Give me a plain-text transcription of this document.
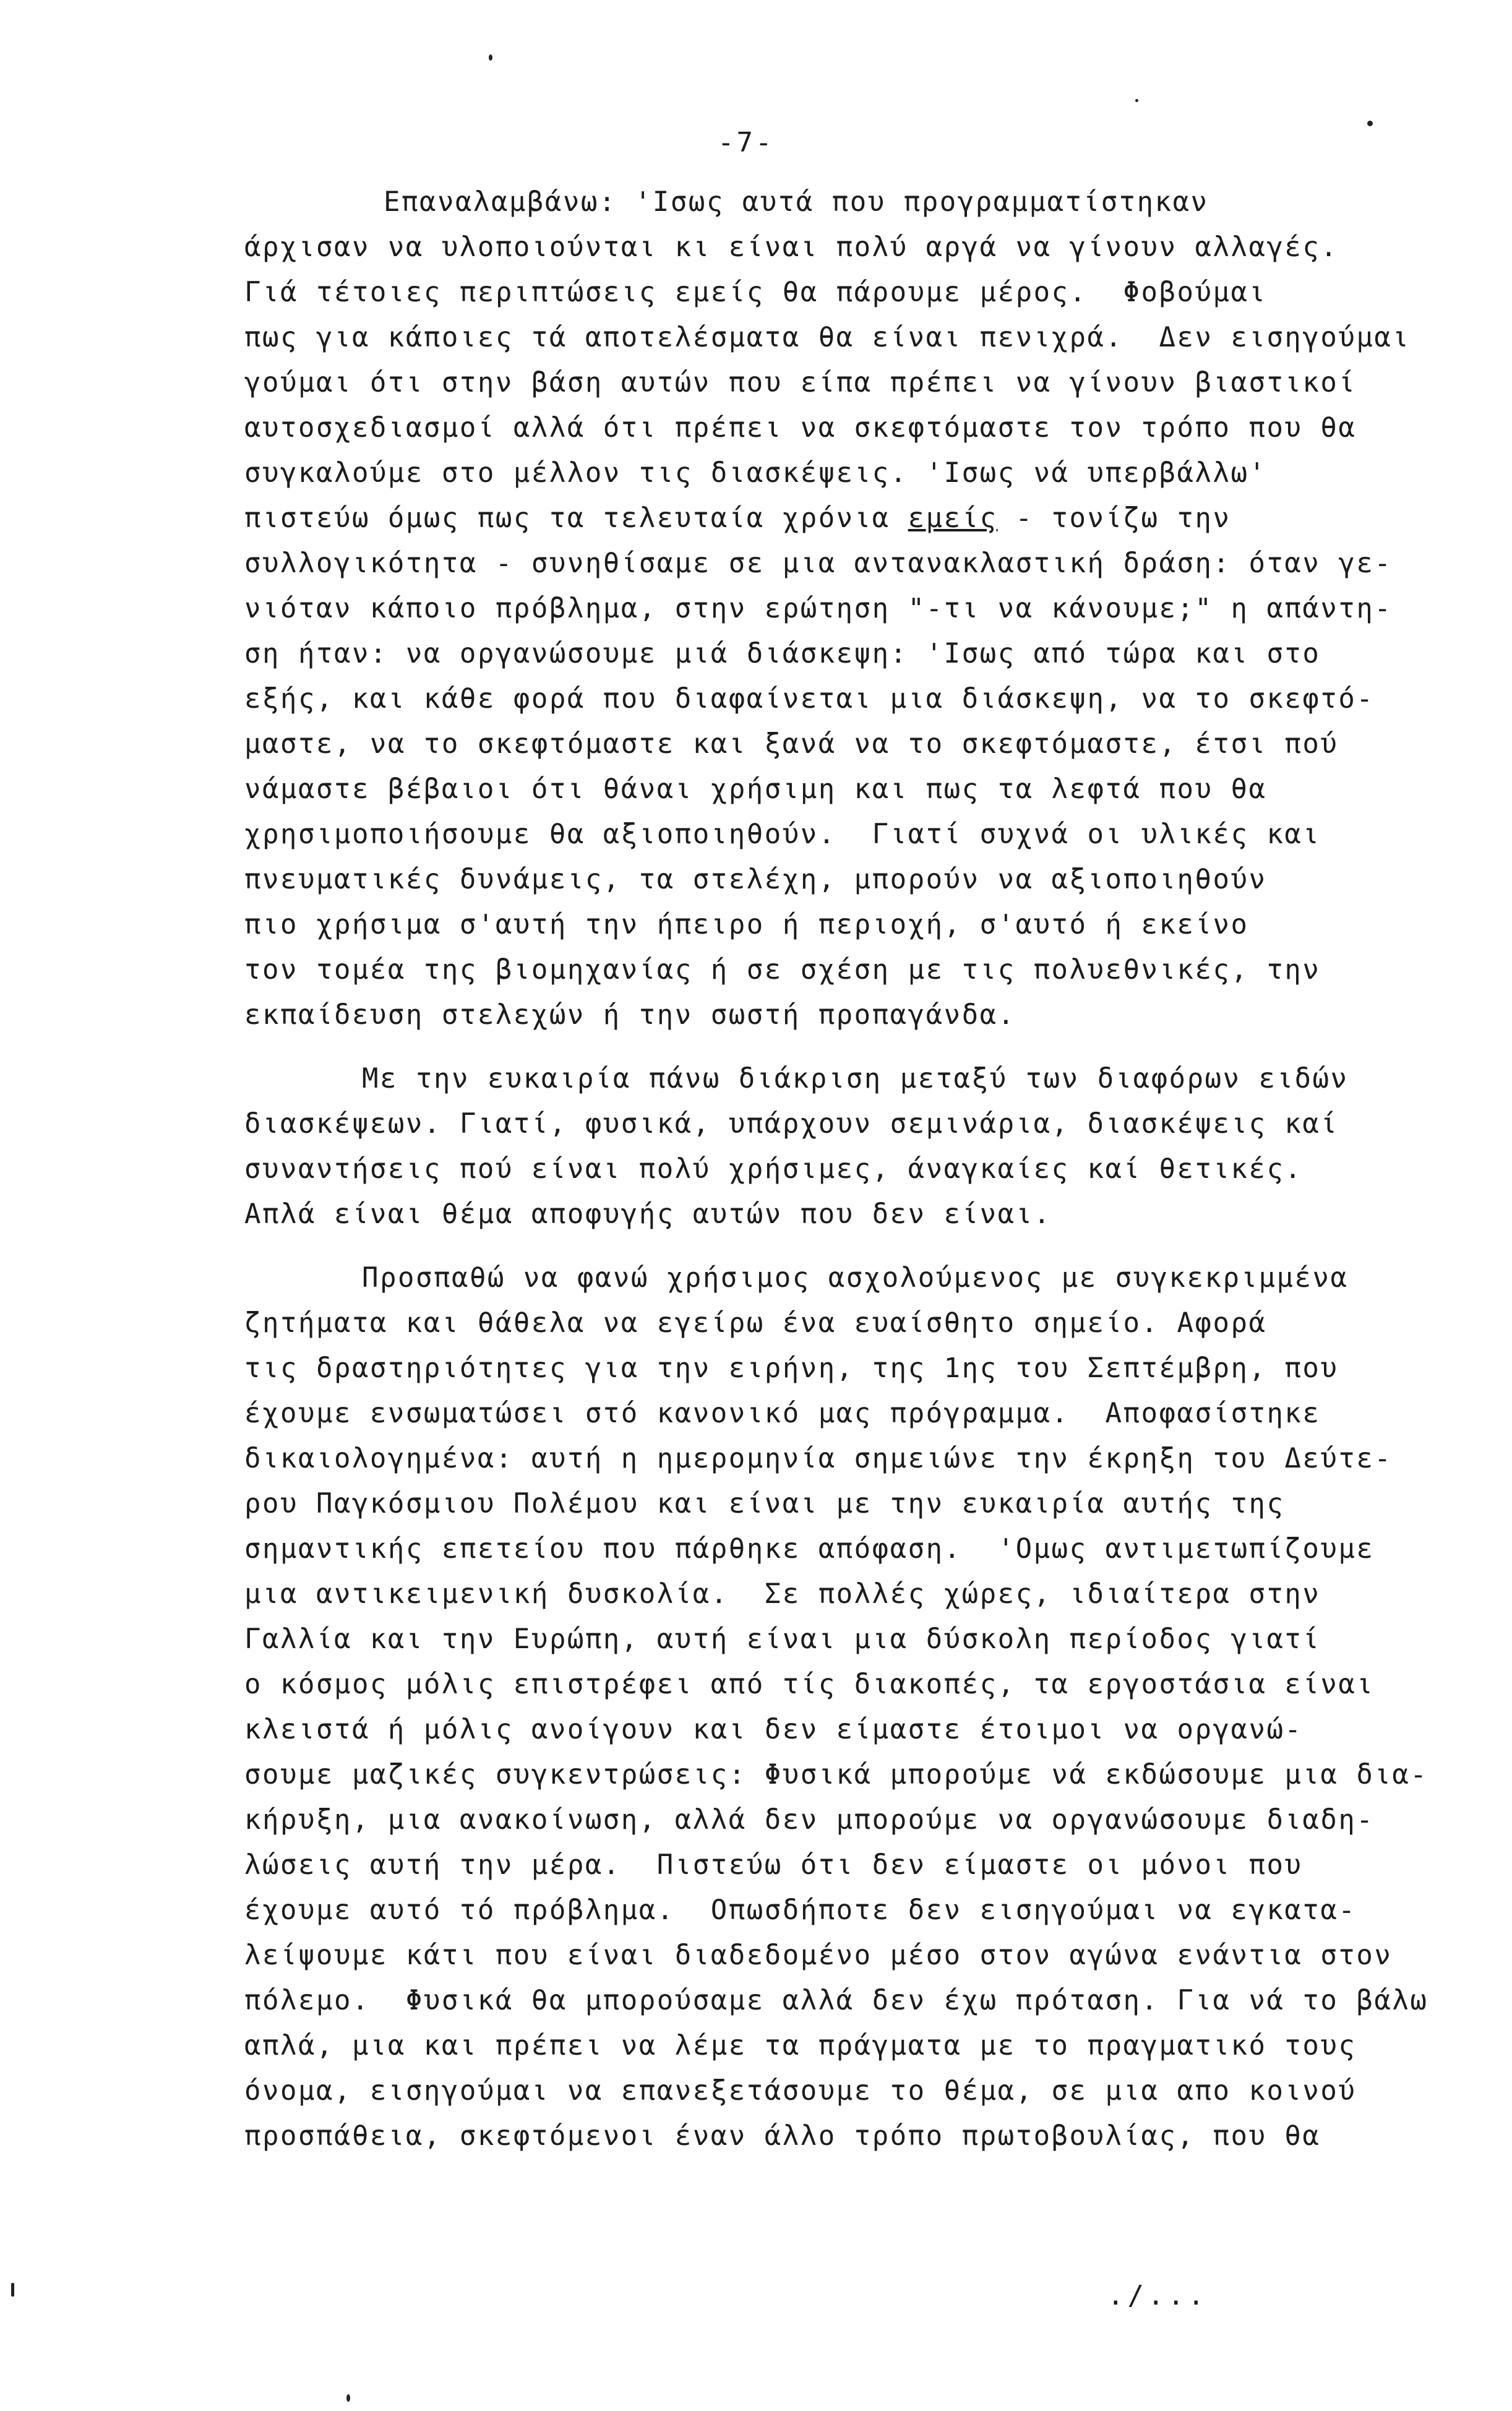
-7-
Επαναλαμβάνω: 'Ισως αυτά που προγραμματίστηκαν
άρχισαν να υλοποιούνται κι είναι πολύ αργά να γίνουν αλλαγές.
Γιά τέτοιες περιπτώσεις εμείς θα πάρουμε μέρος.  Φοβούμαι
πως για κάποιες τά αποτελέσματα θα είναι πενιχρά.  Δεν εισηγούμαι
γούμαι ότι στην βάση αυτών που είπα πρέπει να γίνουν βιαστικοί
αυτοσχεδιασμοί αλλά ότι πρέπει να σκεφτόμαστε τον τρόπο που θα
συγκαλούμε στο μέλλον τις διασκέψεις. 'Ισως νά υπερβάλλω'
πιστεύω όμως πως τα τελευταία χρόνια εμείς - τονίζω την
συλλογικότητα - συνηθίσαμε σε μια αντανακλαστική δράση: όταν γε-
νιόταν κάποιο πρόβλημα, στην ερώτηση "-τι να κάνουμε;" η απάντη-
ση ήταν: να οργανώσουμε μιά διάσκεψη: 'Ισως από τώρα και στο
εξής, και κάθε φορά που διαφαίνεται μια διάσκεψη, να το σκεφτό-
μαστε, να το σκεφτόμαστε και ξανά να το σκεφτόμαστε, έτσι πού
νάμαστε βέβαιοι ότι θάναι χρήσιμη και πως τα λεφτά που θα
χρησιμοποιήσουμε θα αξιοποιηθούν.  Γιατί συχνά οι υλικές και
πνευματικές δυνάμεις, τα στελέχη, μπορούν να αξιοποιηθούν
πιο χρήσιμα σ'αυτή την ήπειρο ή περιοχή, σ'αυτό ή εκείνο
τον τομέα της βιομηχανίας ή σε σχέση με τις πολυεθνικές, την
εκπαίδευση στελεχών ή την σωστή προπαγάνδα.
Με την ευκαιρία πάνω διάκριση μεταξύ των διαφόρων ειδών
διασκέψεων. Γιατί, φυσικά, υπάρχουν σεμινάρια, διασκέψεις καί
συναντήσεις πού είναι πολύ χρήσιμες, άναγκαίες καί θετικές.
Απλά είναι θέμα αποφυγής αυτών που δεν είναι.
Προσπαθώ να φανώ χρήσιμος ασχολούμενος με συγκεκριμμένα
ζητήματα και θάθελα να εγείρω ένα ευαίσθητο σημείο. Αφορά
τις δραστηριότητες για την ειρήνη, της 1ης του Σεπτέμβρη, που
έχουμε ενσωματώσει στό κανονικό μας πρόγραμμα.  Αποφασίστηκε
δικαιολογημένα: αυτή η ημερομηνία σημειώνε την έκρηξη του Δεύτε-
ρου Παγκόσμιου Πολέμου και είναι με την ευκαιρία αυτής της
σημαντικής επετείου που πάρθηκε απόφαση.  'Ομως αντιμετωπίζουμε
μια αντικειμενική δυσκολία.  Σε πολλές χώρες, ιδιαίτερα στην
Γαλλία και την Ευρώπη, αυτή είναι μια δύσκολη περίοδος γιατί
ο κόσμος μόλις επιστρέφει από τίς διακοπές, τα εργοστάσια είναι
κλειστά ή μόλις ανοίγουν και δεν είμαστε έτοιμοι να οργανώ-
σουμε μαζικές συγκεντρώσεις: Φυσικά μπορούμε νά εκδώσουμε μια δια-
κήρυξη, μια ανακοίνωση, αλλά δεν μπορούμε να οργανώσουμε διαδη-
λώσεις αυτή την μέρα.  Πιστεύω ότι δεν είμαστε οι μόνοι που
έχουμε αυτό τό πρόβλημα.  Οπωσδήποτε δεν εισηγούμαι να εγκατα-
λείψουμε κάτι που είναι διαδεδομένο μέσο στον αγώνα ενάντια στον
πόλεμο.  Φυσικά θα μπορούσαμε αλλά δεν έχω πρόταση. Για νά το βάλω
απλά, μια και πρέπει να λέμε τα πράγματα με το πραγματικό τους
όνομα, εισηγούμαι να επανεξετάσουμε το θέμα, σε μια απο κοινού
προσπάθεια, σκεφτόμενοι έναν άλλο τρόπο πρωτοβουλίας, που θα
./...
